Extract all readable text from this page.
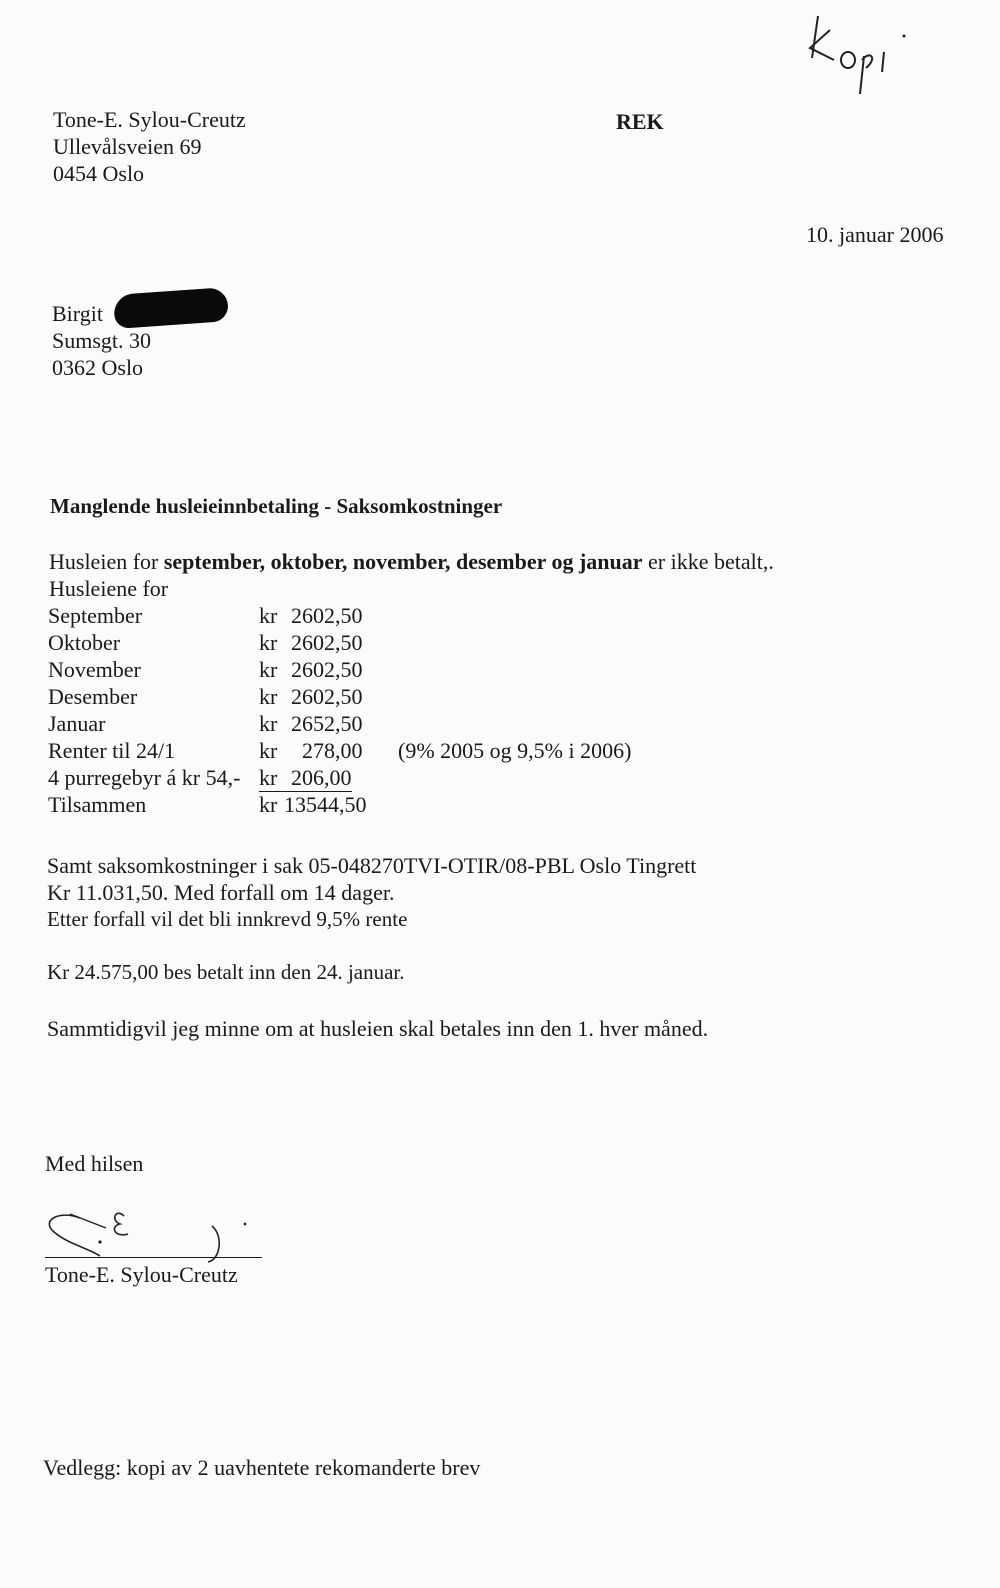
Tone-E. Sylou-Creutz
Ullevålsveien 69
0454 Oslo
REK
10. januar 2006
Birgit
Sumsgt. 30
0362 Oslo
Manglende husleieinnbetaling - Saksomkostninger
Husleien for september, oktober, november, desember og januar er ikke betalt,.
Husleiene for
September	kr 2602,50
Oktober	kr 2602,50
November	kr 2602,50
Desember	kr 2602,50
Januar	kr 2652,50
Renter til 24/1	kr 278,00 (9% 2005 og 9,5% i 2006)
4 purregebyr á kr 54,- kr 206,00
Tilsammen	kr 13544,50
Samt saksomkostninger i sak 05-048270TVI-OTIR/08-PBL Oslo Tingrett
Kr 11.031,50. Med forfall om 14 dager.
Etter forfall vil det bli innkrevd 9,5% rente
Kr 24.575,00 bes betalt inn den 24. januar.
Sammtidigvil jeg minne om at husleien skal betales inn den 1. hver måned.
Med hilsen
Tone-E. Sylou-Creutz
Vedlegg: kopi av 2 uavhentete rekomanderte brev
